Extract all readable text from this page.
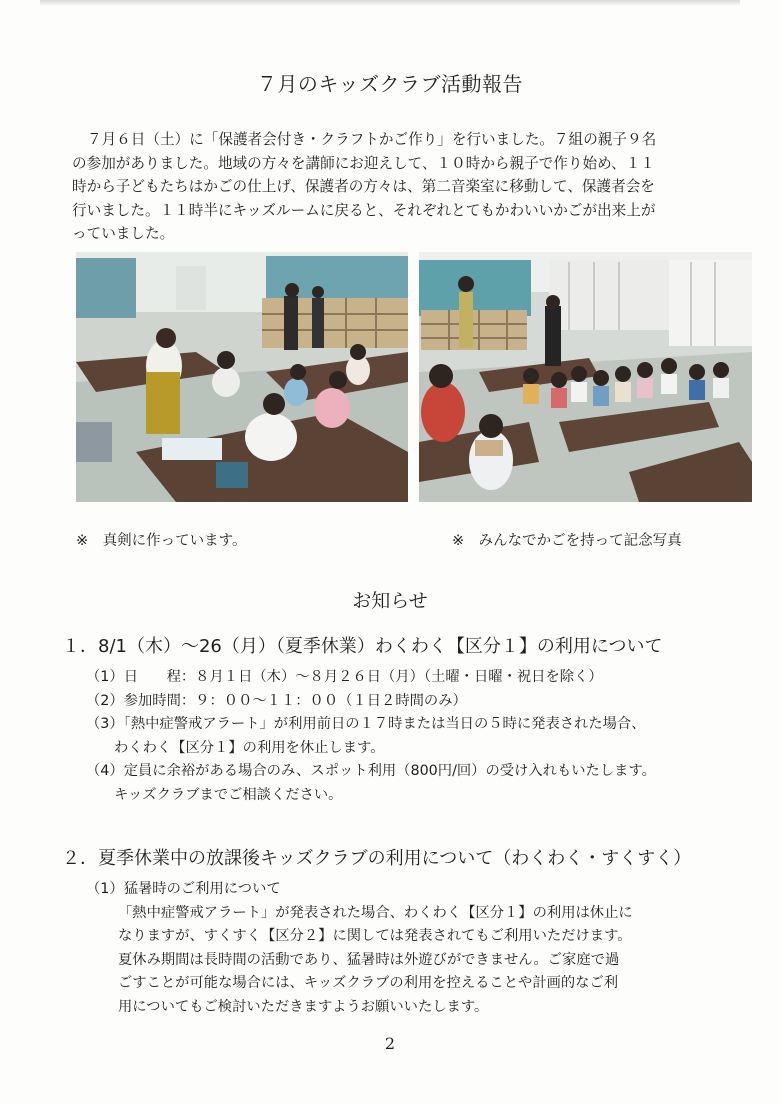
７月のキッズクラブ活動報告

７月６日（土）に「保護者会付き・クラフトかご作り」を行いました。７組の親子９名

の参加がありました。地域の方々を講師にお迎えして、１０時から親子で作り始め、１１

時から子どもたちはかごの仕上げ、保護者の方々は、第二音楽室に移動して、保護者会を

行いました。１１時半にキッズルームに戻ると、それぞれとてもかわいいかごが出来上が

っていました。

※　真剣に作っています。	※　みんなでかごを持って記念写真
お知らせ
１．8/1（木）～26（月）（夏季休業）わくわく【区分１】の利用について

（1）日　　程：８月１日（木）～８月２６日（月）（土曜・日曜・祝日を除く）

（2）参加時間：９：００～１１：００（１日２時間のみ）

（3）「熱中症警戒アラート」が利用前日の１７時または当日の５時に発表された場合、

わくわく【区分１】の利用を休止します。

（4）定員に余裕がある場合のみ、スポット利用（800円/回）の受け入れもいたします。

キッズクラブまでご相談ください。

２．夏季休業中の放課後キッズクラブの利用について（わくわく・すくすく）

（1）猛暑時のご利用について

「熱中症警戒アラート」が発表された場合、わくわく【区分１】の利用は休止に

なりますが、すくすく【区分２】に関しては発表されてもご利用いただけます。

夏休み期間は長時間の活動であり、猛暑時は外遊びができません。ご家庭で過

ごすことが可能な場合には、キッズクラブの利用を控えることや計画的なご利

用についてもご検討いただきますようお願いいたします。

2
